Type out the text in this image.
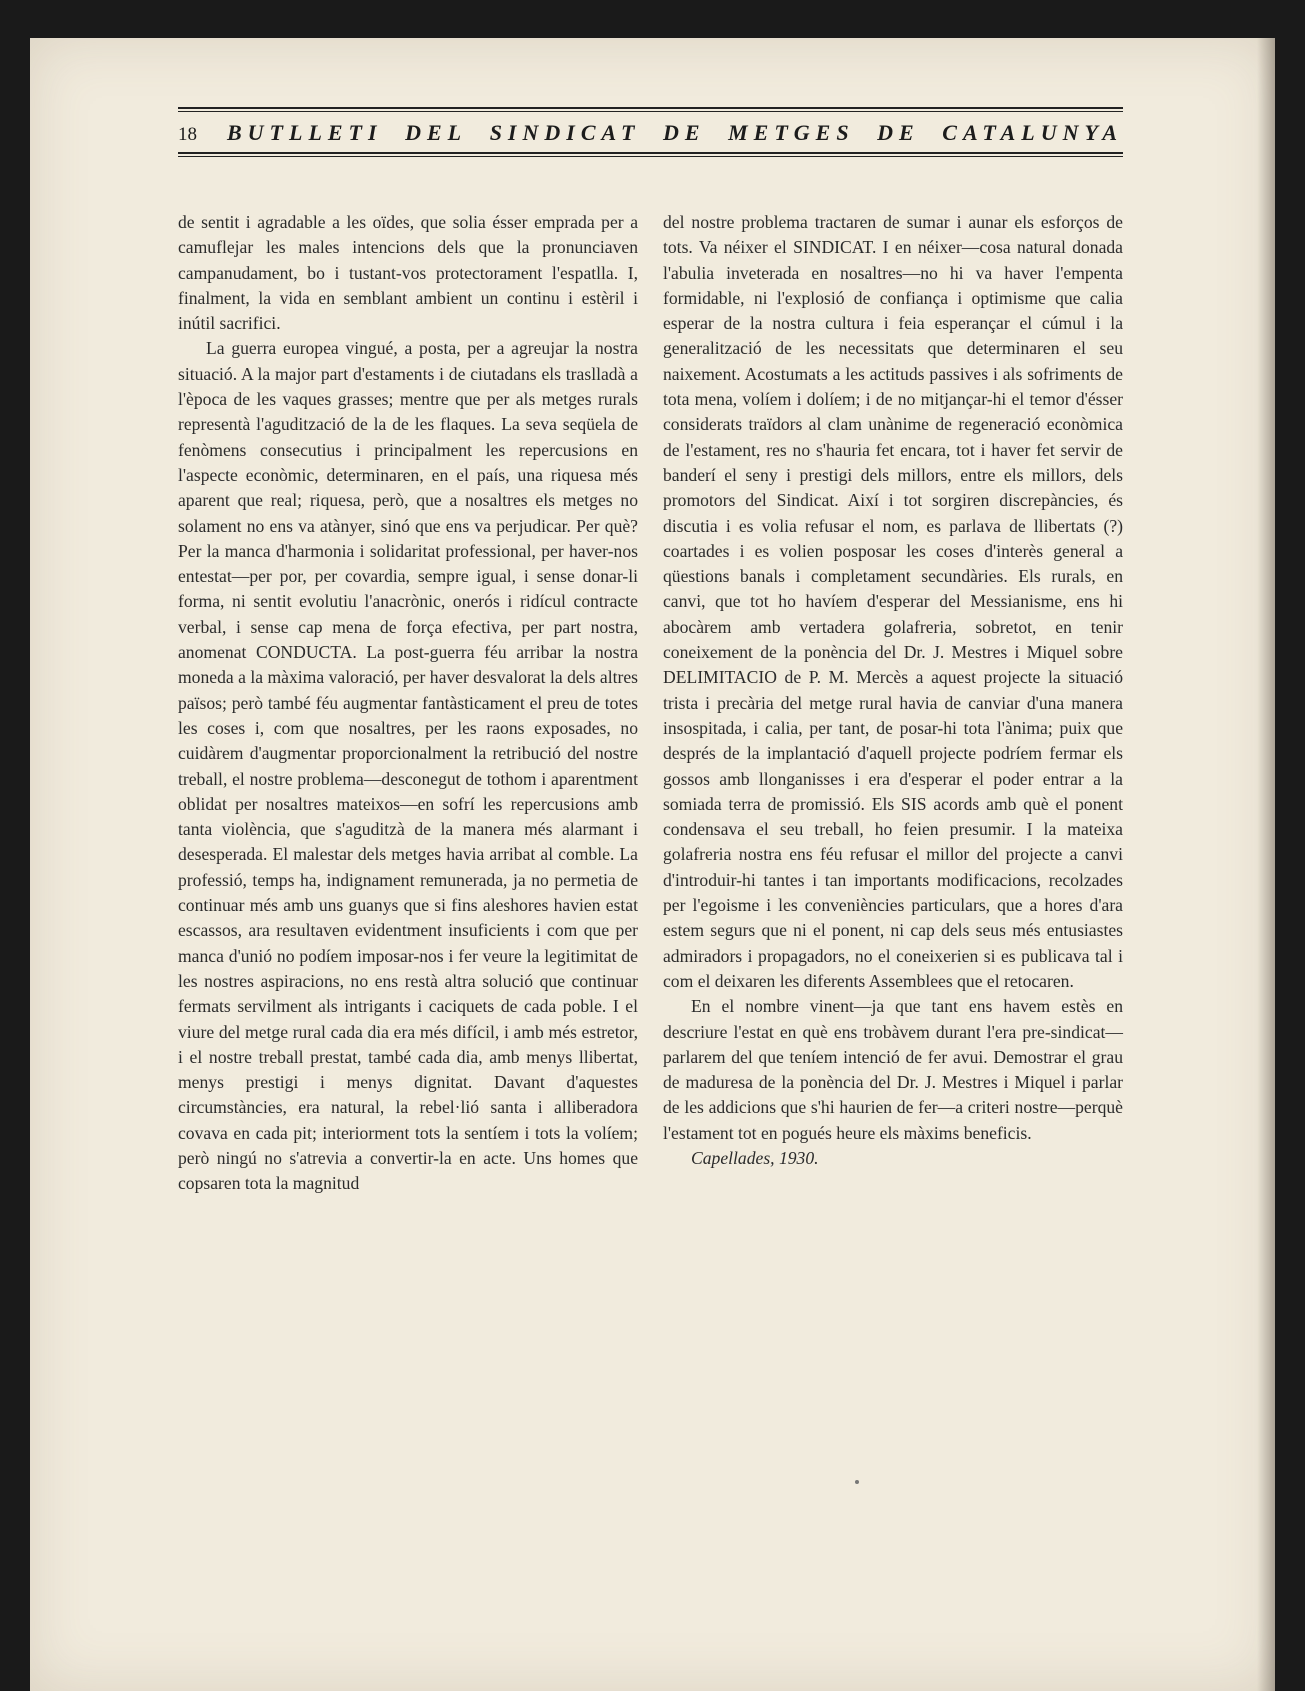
18 BUTLLETI DEL SINDICAT DE METGES DE CATALUNYA

de sentit i agradable a les oïdes, que solia ésser emprada per a camuflejar les males intencions dels que la pronunciaven campanudament, bo i tustant-vos protectorament l'espatlla. I, finalment, la vida en semblant ambient un continu i estèril i inútil sacrifici.

La guerra europea vingué, a posta, per a agreujar la nostra situació. A la major part d'estaments i de ciutadans els traslladà a l'època de les vaques grasses; mentre que per als metges rurals representà l'agudització de la de les flaques. La seva seqüela de fenòmens consecutius i principalment les repercusions en l'aspecte econòmic, determinaren, en el país, una riquesa més aparent que real; riquesa, però, que a nosaltres els metges no solament no ens va atànyer, sinó que ens va perjudicar. Per què? Per la manca d'harmonia i solidaritat professional, per haver-nos entestat—per por, per covardia, sempre igual, i sense donar-li forma, ni sentit evolutiu l'anacrònic, onerós i ridícul contracte verbal, i sense cap mena de força efectiva, per part nostra, anomenat CONDUCTA. La post-guerra féu arribar la nostra moneda a la màxima valoració, per haver desvalorat la dels altres països; però també féu augmentar fantàsticament el preu de totes les coses i, com que nosaltres, per les raons exposades, no cuidàrem d'augmentar proporcionalment la retribució del nostre treball, el nostre problema—desconegut de tothom i aparentment oblidat per nosaltres mateixos—en sofrí les repercusions amb tanta violència, que s'aguditzà de la manera més alarmant i desesperada. El malestar dels metges havia arribat al comble. La professió, temps ha, indignament remunerada, ja no permetia de continuar més amb uns guanys que si fins aleshores havien estat escassos, ara resultaven evidentment insuficients i com que per manca d'unió no podíem imposar-nos i fer veure la legitimitat de les nostres aspiracions, no ens restà altra solució que continuar fermats servilment als intrigants i caciquets de cada poble. I el viure del metge rural cada dia era més difícil, i amb més estretor, i el nostre treball prestat, també cada dia, amb menys llibertat, menys prestigi i menys dignitat. Davant d'aquestes circumstàncies, era natural, la rebel·lió santa i alliberadora covava en cada pit; interiorment tots la sentíem i tots la volíem; però ningú no s'atrevia a convertir-la en acte. Uns homes que copsaren tota la magnitud

del nostre problema tractaren de sumar i aunar els esforços de tots. Va néixer el SINDICAT. I en néixer—cosa natural donada l'abulia inveterada en nosaltres—no hi va haver l'empenta formidable, ni l'explosió de confiança i optimisme que calia esperar de la nostra cultura i feia esperançar el cúmul i la generalització de les necessitats que determinaren el seu naixement. Acostumats a les actituds passives i als sofriments de tota mena, volíem i dolíem; i de no mitjançar-hi el temor d'ésser considerats traïdors al clam unànime de regeneració econòmica de l'estament, res no s'hauria fet encara, tot i haver fet servir de banderí el seny i prestigi dels millors, entre els millors, dels promotors del Sindicat. Així i tot sorgiren discrepàncies, és discutia i es volia refusar el nom, es parlava de llibertats (?) coartades i es volien posposar les coses d'interès general a qüestions banals i completament secundàries. Els rurals, en canvi, que tot ho havíem d'esperar del Messianisme, ens hi abocàrem amb vertadera golafreria, sobretot, en tenir coneixement de la ponència del Dr. J. Mestres i Miquel sobre DELIMITACIO de P. M. Mercès a aquest projecte la situació trista i precària del metge rural havia de canviar d'una manera insospitada, i calia, per tant, de posar-hi tota l'ànima; puix que després de la implantació d'aquell projecte podríem fermar els gossos amb llonganisses i era d'esperar el poder entrar a la somiada terra de promissió. Els SIS acords amb què el ponent condensava el seu treball, ho feien presumir. I la mateixa golafreria nostra ens féu refusar el millor del projecte a canvi d'introduir-hi tantes i tan importants modificacions, recolzades per l'egoisme i les conveniències particulars, que a hores d'ara estem segurs que ni el ponent, ni cap dels seus més entusiastes admiradors i propagadors, no el coneixerien si es publicava tal i com el deixaren les diferents Assemblees que el retocaren.

En el nombre vinent—ja que tant ens havem estès en descriure l'estat en què ens trobàvem durant l'era pre-sindicat—parlarem del que teníem intenció de fer avui. Demostrar el grau de maduresa de la ponència del Dr. J. Mestres i Miquel i parlar de les addicions que s'hi haurien de fer—a criteri nostre—perquè l'estament tot en pogués heure els màxims beneficis.

Capellades, 1930.
